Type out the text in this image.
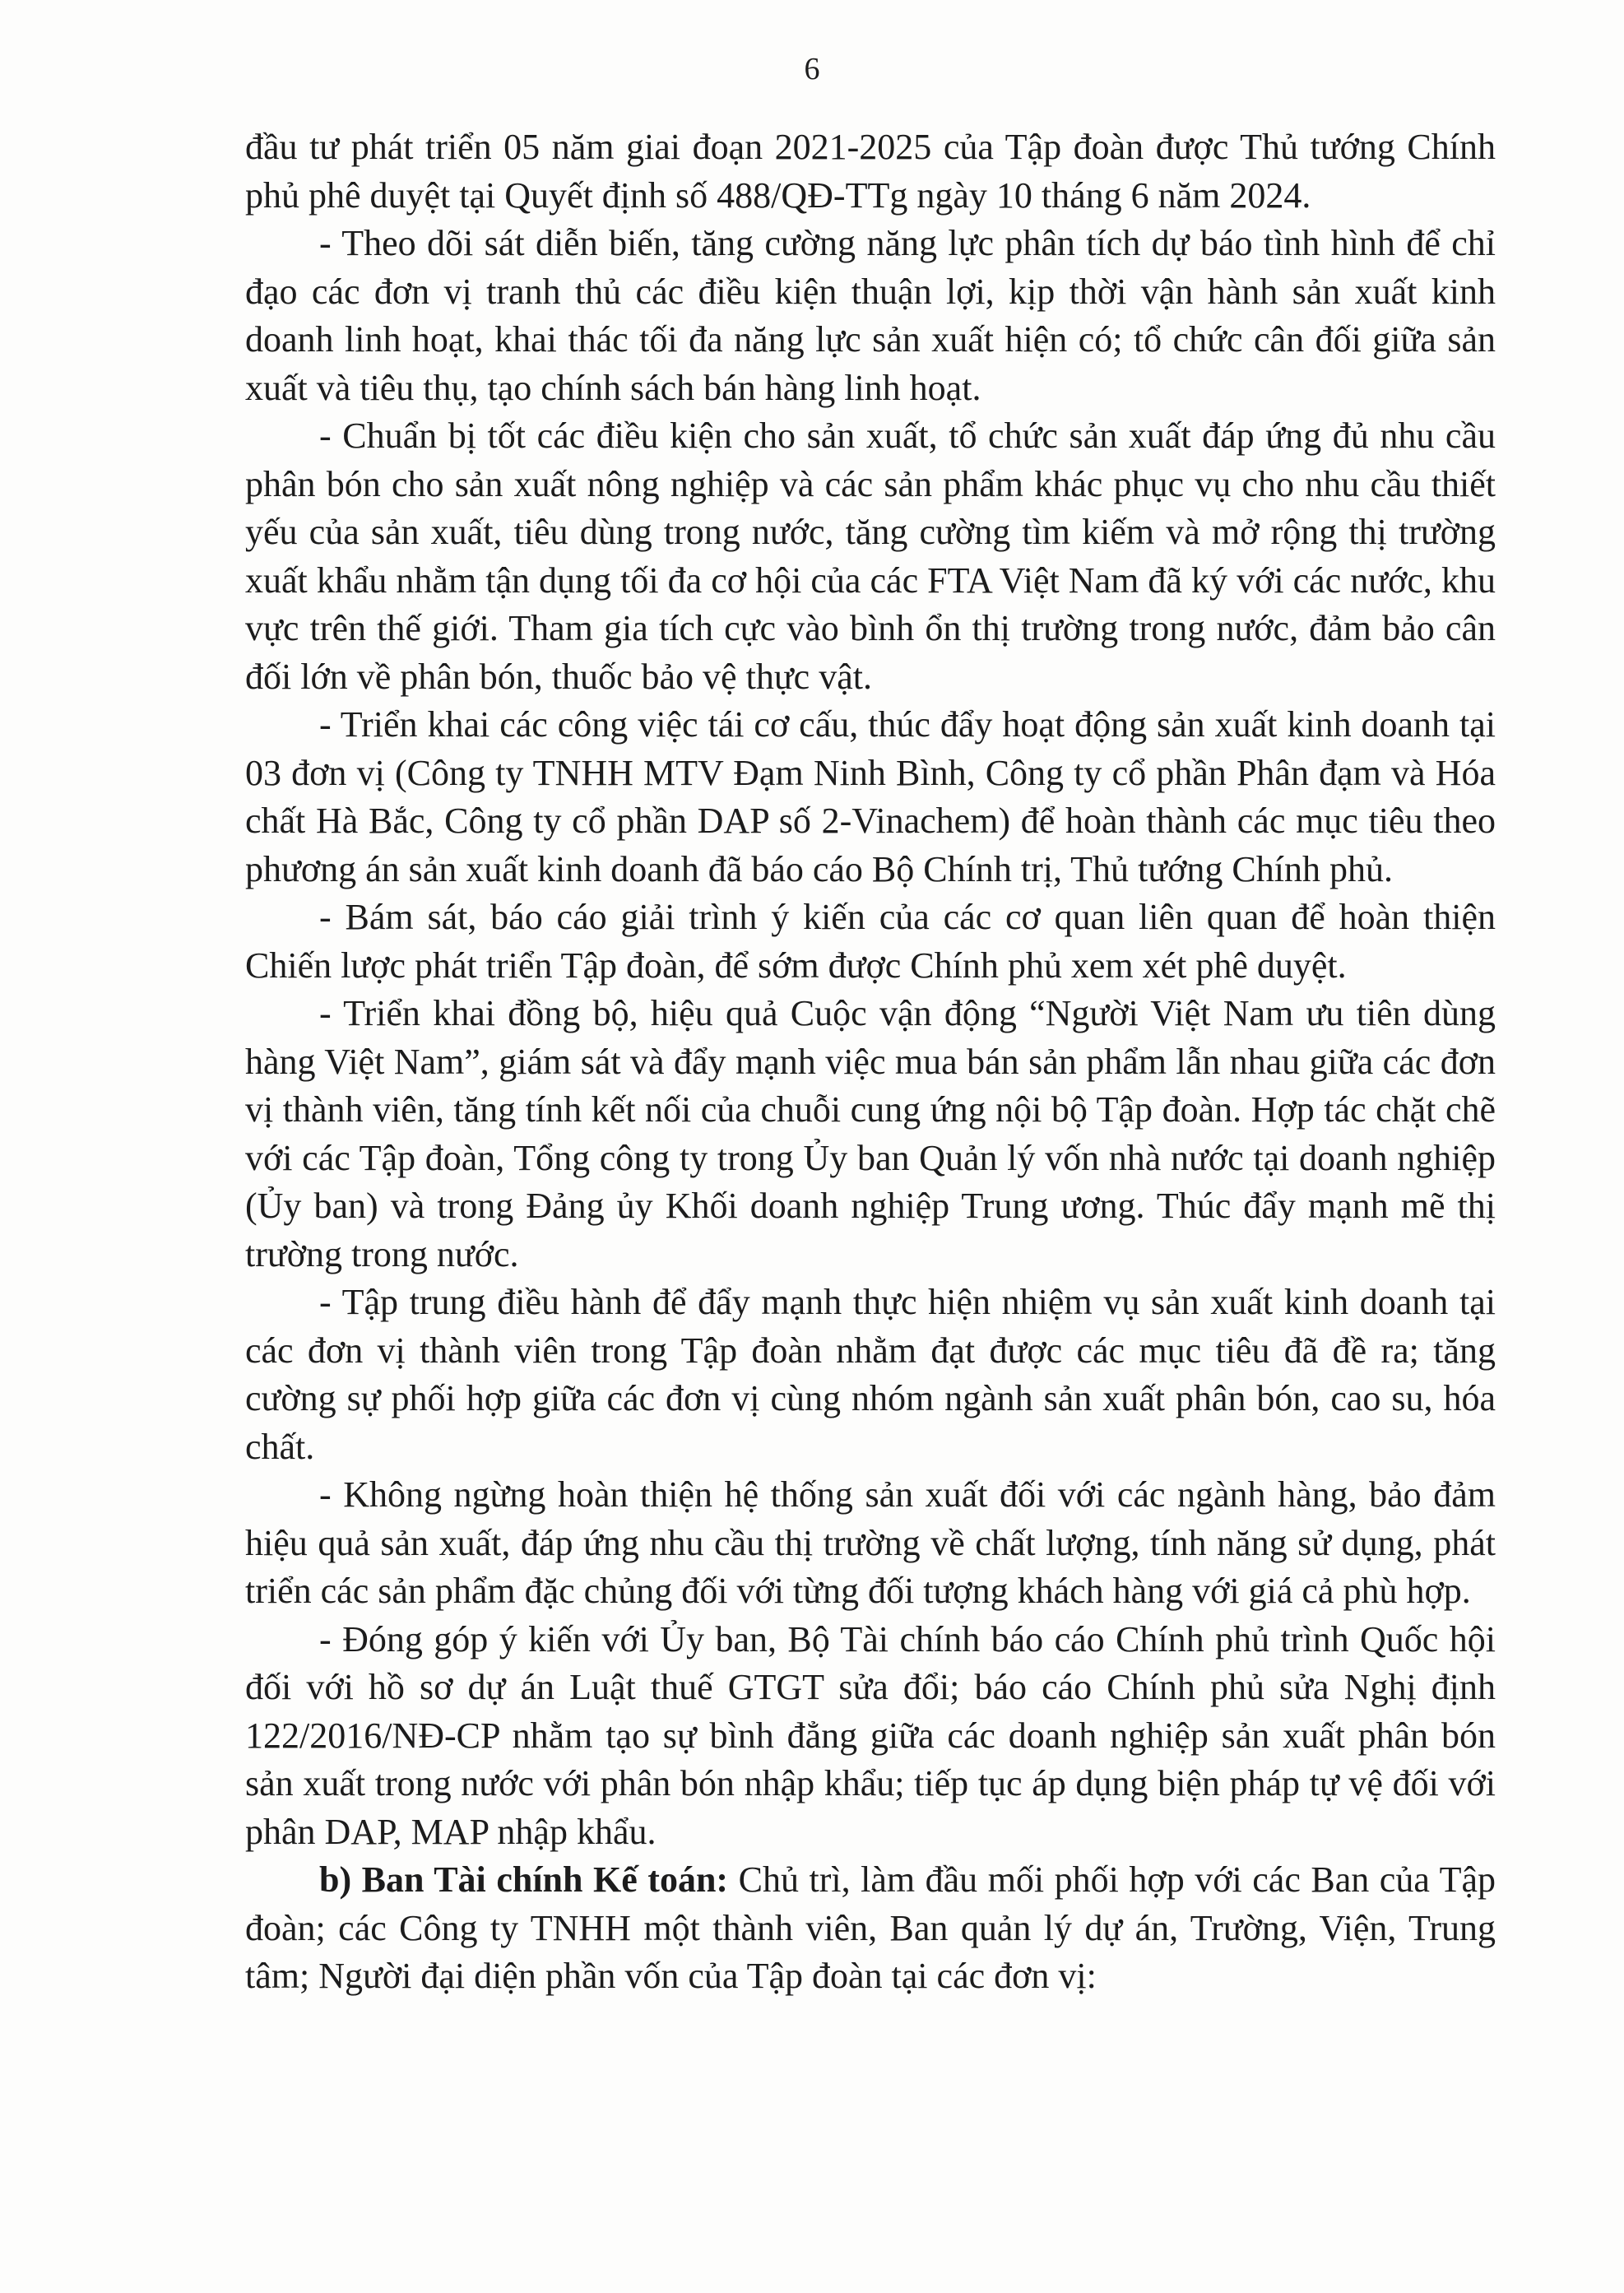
6

đầu tư phát triển 05 năm giai đoạn 2021-2025 của Tập đoàn được Thủ tướng Chính phủ phê duyệt tại Quyết định số 488/QĐ-TTg ngày 10 tháng 6 năm 2024.

- Theo dõi sát diễn biến, tăng cường năng lực phân tích dự báo tình hình để chỉ đạo các đơn vị tranh thủ các điều kiện thuận lợi, kịp thời vận hành sản xuất kinh doanh linh hoạt, khai thác tối đa năng lực sản xuất hiện có; tổ chức cân đối giữa sản xuất và tiêu thụ, tạo chính sách bán hàng linh hoạt.

- Chuẩn bị tốt các điều kiện cho sản xuất, tổ chức sản xuất đáp ứng đủ nhu cầu phân bón cho sản xuất nông nghiệp và các sản phẩm khác phục vụ cho nhu cầu thiết yếu của sản xuất, tiêu dùng trong nước, tăng cường tìm kiếm và mở rộng thị trường xuất khẩu nhằm tận dụng tối đa cơ hội của các FTA Việt Nam đã ký với các nước, khu vực trên thế giới. Tham gia tích cực vào bình ổn thị trường trong nước, đảm bảo cân đối lớn về phân bón, thuốc bảo vệ thực vật.

- Triển khai các công việc tái cơ cấu, thúc đẩy hoạt động sản xuất kinh doanh tại 03 đơn vị (Công ty TNHH MTV Đạm Ninh Bình, Công ty cổ phần Phân đạm và Hóa chất Hà Bắc, Công ty cổ phần DAP số 2-Vinachem) để hoàn thành các mục tiêu theo phương án sản xuất kinh doanh đã báo cáo Bộ Chính trị, Thủ tướng Chính phủ.

- Bám sát, báo cáo giải trình ý kiến của các cơ quan liên quan để hoàn thiện Chiến lược phát triển Tập đoàn, để sớm được Chính phủ xem xét phê duyệt.

- Triển khai đồng bộ, hiệu quả Cuộc vận động “Người Việt Nam ưu tiên dùng hàng Việt Nam”, giám sát và đẩy mạnh việc mua bán sản phẩm lẫn nhau giữa các đơn vị thành viên, tăng tính kết nối của chuỗi cung ứng nội bộ Tập đoàn. Hợp tác chặt chẽ với các Tập đoàn, Tổng công ty trong Ủy ban Quản lý vốn nhà nước tại doanh nghiệp (Ủy ban) và trong Đảng ủy Khối doanh nghiệp Trung ương. Thúc đẩy mạnh mẽ thị trường trong nước.

- Tập trung điều hành để đẩy mạnh thực hiện nhiệm vụ sản xuất kinh doanh tại các đơn vị thành viên trong Tập đoàn nhằm đạt được các mục tiêu đã đề ra; tăng cường sự phối hợp giữa các đơn vị cùng nhóm ngành sản xuất phân bón, cao su, hóa chất.

- Không ngừng hoàn thiện hệ thống sản xuất đối với các ngành hàng, bảo đảm hiệu quả sản xuất, đáp ứng nhu cầu thị trường về chất lượng, tính năng sử dụng, phát triển các sản phẩm đặc chủng đối với từng đối tượng khách hàng với giá cả phù hợp.

- Đóng góp ý kiến với Ủy ban, Bộ Tài chính báo cáo Chính phủ trình Quốc hội đối với hồ sơ dự án Luật thuế GTGT sửa đổi; báo cáo Chính phủ sửa Nghị định 122/2016/NĐ-CP nhằm tạo sự bình đẳng giữa các doanh nghiệp sản xuất phân bón sản xuất trong nước với phân bón nhập khẩu; tiếp tục áp dụng biện pháp tự vệ đối với phân DAP, MAP nhập khẩu.

b) Ban Tài chính Kế toán: Chủ trì, làm đầu mối phối hợp với các Ban của Tập đoàn; các Công ty TNHH một thành viên, Ban quản lý dự án, Trường, Viện, Trung tâm; Người đại diện phần vốn của Tập đoàn tại các đơn vị:
